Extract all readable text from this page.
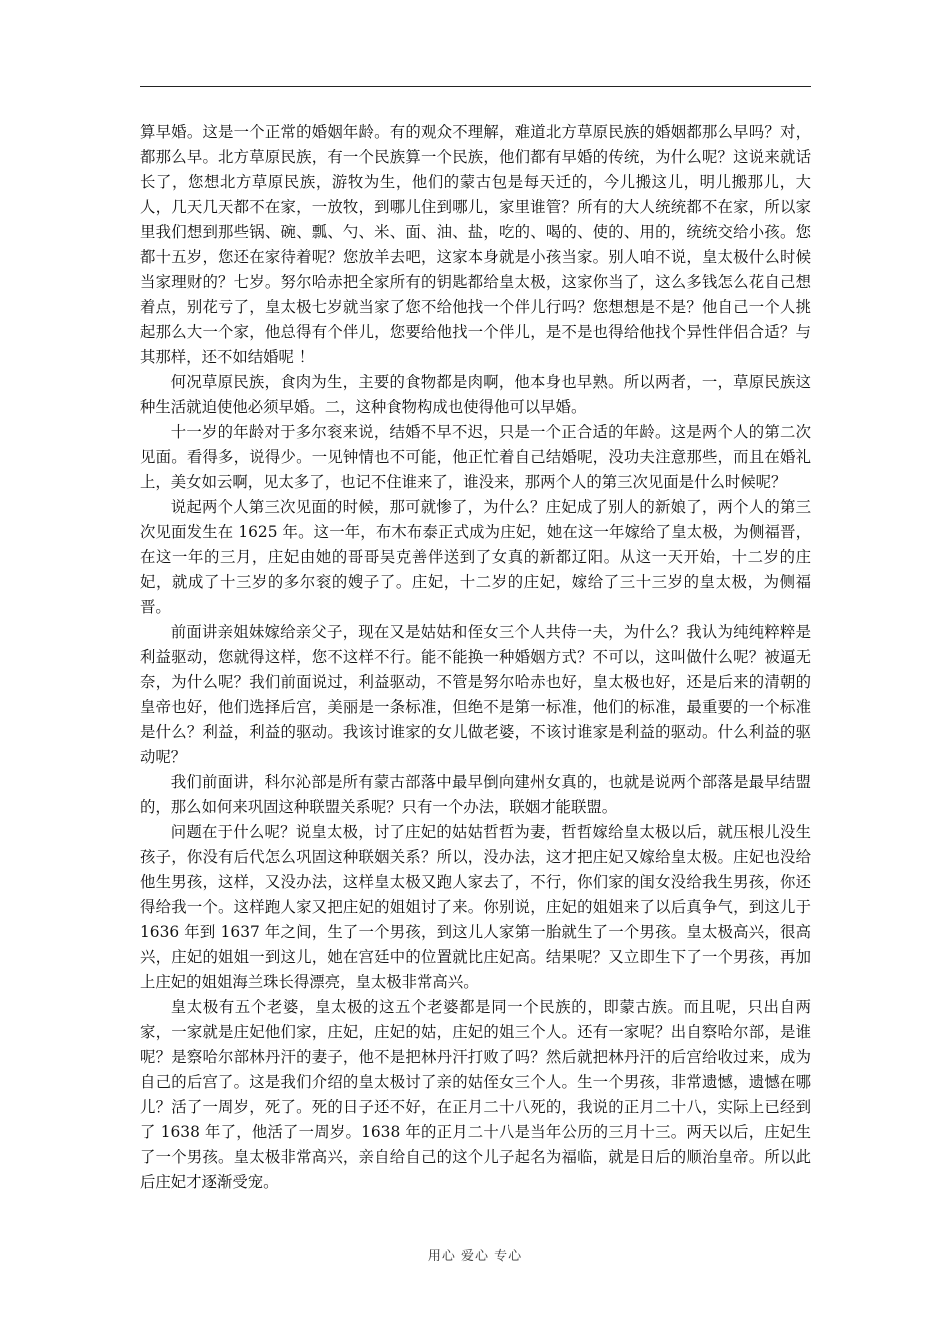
算早婚。这是一个正常的婚姻年龄。有的观众不理解，难道北方草原民族的婚姻都那么早吗？对，都那么早。北方草原民族，有一个民族算一个民族，他们都有早婚的传统，为什么呢？这说来就话长了，您想北方草原民族，游牧为生，他们的蒙古包是每天迁的，今儿搬这儿，明儿搬那儿，大人，几天几天都不在家，一放牧，到哪儿住到哪儿，家里谁管？所有的大人统统都不在家，所以家里我们想到那些锅、碗、瓢、勺、米、面、油、盐，吃的、喝的、使的、用的，统统交给小孩。您都十五岁，您还在家待着呢？您放羊去吧，这家本身就是小孩当家。别人咱不说，皇太极什么时候当家理财的？七岁。努尔哈赤把全家所有的钥匙都给皇太极，这家你当了，这么多钱怎么花自己想着点，别花亏了，皇太极七岁就当家了您不给他找一个伴儿行吗？您想想是不是？他自己一个人挑起那么大一个家，他总得有个伴儿，您要给他找一个伴儿，是不是也得给他找个异性伴侣合适？与其那样，还不如结婚呢 ！

何况草原民族，食肉为生，主要的食物都是肉啊，他本身也早熟。所以两者，一，草原民族这种生活就迫使他必须早婚。二，这种食物构成也使得他可以早婚。

十一岁的年龄对于多尔衮来说，结婚不早不迟，只是一个正合适的年龄。这是两个人的第二次见面。看得多，说得少。一见钟情也不可能，他正忙着自己结婚呢，没功夫注意那些，而且在婚礼上，美女如云啊，见太多了，也记不住谁来了，谁没来，那两个人的第三次见面是什么时候呢？

说起两个人第三次见面的时候，那可就惨了，为什么？庄妃成了别人的新娘了，两个人的第三次见面发生在 1625 年。这一年，布木布泰正式成为庄妃，她在这一年嫁给了皇太极，为侧福晋，在这一年的三月，庄妃由她的哥哥吴克善伴送到了女真的新都辽阳。从这一天开始，十二岁的庄妃，就成了十三岁的多尔衮的嫂子了。庄妃，十二岁的庄妃，嫁给了三十三岁的皇太极，为侧福晋。

前面讲亲姐妹嫁给亲父子，现在又是姑姑和侄女三个人共侍一夫，为什么？我认为纯纯粹粹是利益驱动，您就得这样，您不这样不行。能不能换一种婚姻方式？不可以，这叫做什么呢？被逼无奈，为什么呢？我们前面说过，利益驱动，不管是努尔哈赤也好，皇太极也好，还是后来的清朝的皇帝也好，他们选择后宫，美丽是一条标准，但绝不是第一标准，他们的标准，最重要的一个标准是什么？利益，利益的驱动。我该讨谁家的女儿做老婆，不该讨谁家是利益的驱动。什么利益的驱动呢？

我们前面讲，科尔沁部是所有蒙古部落中最早倒向建州女真的，也就是说两个部落是最早结盟的，那么如何来巩固这种联盟关系呢？只有一个办法，联姻才能联盟。

问题在于什么呢？说皇太极，讨了庄妃的姑姑哲哲为妻，哲哲嫁给皇太极以后，就压根儿没生孩子，你没有后代怎么巩固这种联姻关系？所以，没办法，这才把庄妃又嫁给皇太极。庄妃也没给他生男孩，这样，又没办法，这样皇太极又跑人家去了，不行，你们家的闺女没给我生男孩，你还得给我一个。这样跑人家又把庄妃的姐姐讨了来。你别说，庄妃的姐姐来了以后真争气，到这儿于 1636 年到 1637 年之间，生了一个男孩，到这儿人家第一胎就生了一个男孩。皇太极高兴，很高兴，庄妃的姐姐一到这儿，她在宫廷中的位置就比庄妃高。结果呢？又立即生下了一个男孩，再加上庄妃的姐姐海兰珠长得漂亮，皇太极非常高兴。

皇太极有五个老婆，皇太极的这五个老婆都是同一个民族的，即蒙古族。而且呢，只出自两家，一家就是庄妃他们家，庄妃，庄妃的姑，庄妃的姐三个人。还有一家呢？出自察哈尔部，是谁呢？是察哈尔部林丹汗的妻子，他不是把林丹汗打败了吗？然后就把林丹汗的后宫给收过来，成为自己的后宫了。这是我们介绍的皇太极讨了亲的姑侄女三个人。生一个男孩，非常遗憾，遗憾在哪儿？活了一周岁，死了。死的日子还不好，在正月二十八死的，我说的正月二十八，实际上已经到了 1638 年了，他活了一周岁。1638 年的正月二十八是当年公历的三月十三。两天以后，庄妃生了一个男孩。皇太极非常高兴，亲自给自己的这个儿子起名为福临，就是日后的顺治皇帝。所以此后庄妃才逐渐受宠。

用心 爱心 专心
